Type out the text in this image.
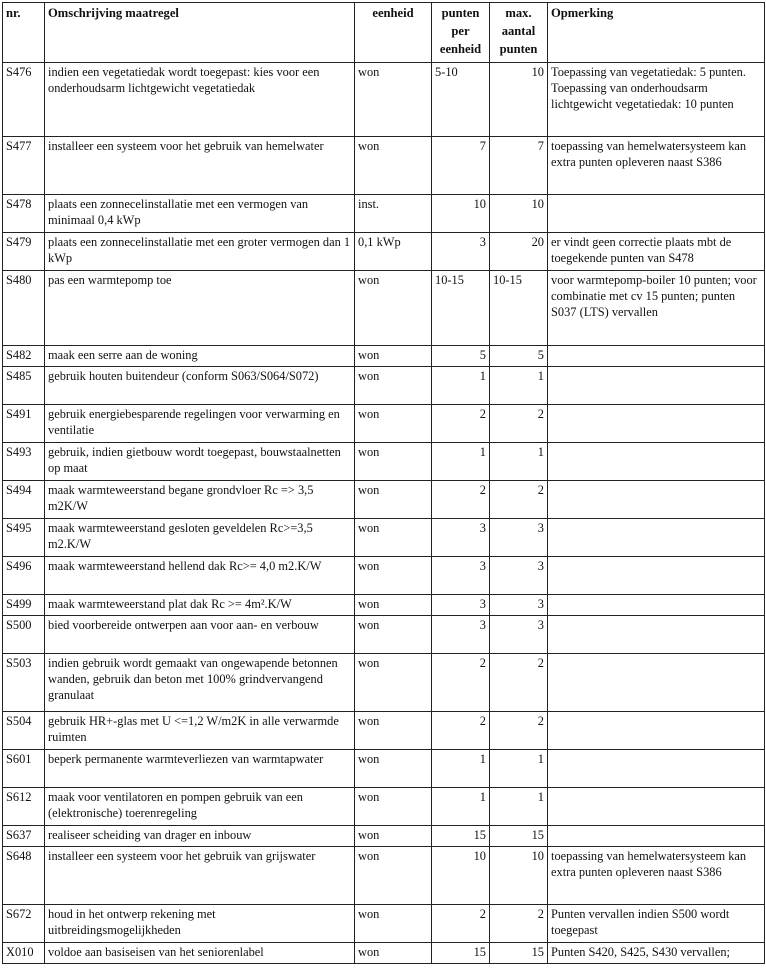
nr.	Omschrijving maatregel	eenheid	punten per eenheid	max. aantal punten	Opmerking
S476	indien een vegetatiedak wordt toegepast: kies voor een onderhoudsarm lichtgewicht vegetatiedak	won	5-10	10	Toepassing van vegetatiedak: 5 punten. Toepassing van onderhoudsarm lichtgewicht vegetatiedak: 10 punten
S477	installeer een systeem voor het gebruik van hemelwater	won	7	7	toepassing van hemelwatersysteem kan extra punten opleveren naast S386
S478	plaats een zonnecelinstallatie met een vermogen van minimaal 0,4 kWp	inst.	10	10	
S479	plaats een zonnecelinstallatie met een groter vermogen dan 1 kWp	0,1 kWp	3	20	er vindt geen correctie plaats mbt de toegekende punten van S478
S480	pas een warmtepomp toe	won	10-15	10-15	voor warmtepomp-boiler 10 punten; voor combinatie met cv 15 punten; punten S037 (LTS) vervallen
S482	maak een serre aan de woning	won	5	5	
S485	gebruik houten buitendeur (conform S063/S064/S072)	won	1	1	
S491	gebruik energiebesparende regelingen voor verwarming en ventilatie	won	2	2	
S493	gebruik, indien gietbouw wordt toegepast, bouwstaalnetten op maat	won	1	1	
S494	maak warmteweerstand begane grondvloer Rc => 3,5 m2K/W	won	2	2	
S495	maak warmteweerstand gesloten geveldelen Rc>=3,5 m2.K/W	won	3	3	
S496	maak warmteweerstand hellend dak Rc>= 4,0 m2.K/W	won	3	3	
S499	maak warmteweerstand plat dak Rc >= 4m².K/W	won	3	3	
S500	bied voorbereide ontwerpen aan voor aan- en verbouw	won	3	3	
S503	indien gebruik wordt gemaakt van ongewapende betonnen wanden, gebruik dan beton met 100% grindvervangend granulaat	won	2	2	
S504	gebruik HR+-glas met U <=1,2 W/m2K in alle verwarmde ruimten	won	2	2	
S601	beperk permanente warmteverliezen van warmtapwater	won	1	1	
S612	maak voor ventilatoren en pompen gebruik van een (elektronische) toerenregeling	won	1	1	
S637	realiseer scheiding van drager en inbouw	won	15	15	
S648	installeer een systeem voor het gebruik van grijswater	won	10	10	toepassing van hemelwatersysteem kan extra punten opleveren naast S386
S672	houd in het ontwerp rekening met uitbreidingsmogelijkheden	won	2	2	Punten vervallen indien S500 wordt toegepast
X010	voldoe aan basiseisen van het seniorenlabel	won	15	15	Punten S420, S425, S430 vervallen;
